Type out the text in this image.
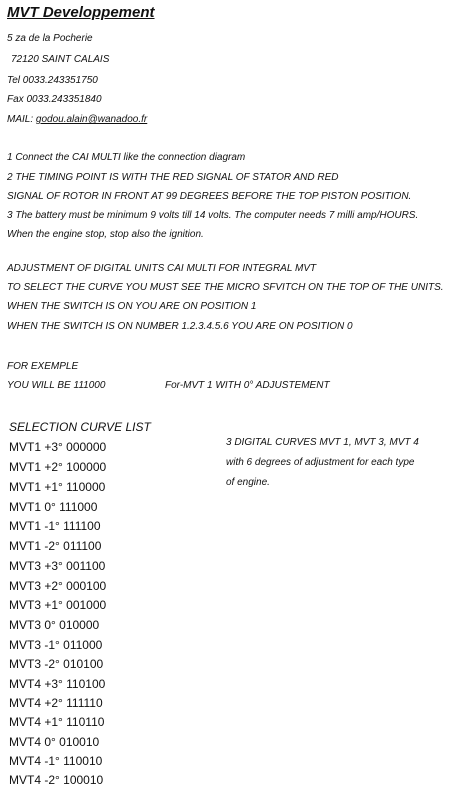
MVT Developpement
5 za de la Pocherie
72120 SAINT CALAIS
Tel 0033.243351750
Fax 0033.243351840
MAIL: godou.alain@wanadoo.fr
1 Connect the CAI MULTI like the connection diagram
2 THE TIMING POINT IS WITH THE RED SIGNAL OF STATOR AND RED
SIGNAL OF ROTOR IN FRONT AT 99 DEGREES BEFORE THE TOP PISTON POSITION.
3 The battery must be minimum 9 volts till 14 volts. The computer needs 7 milli amp/HOURS.
When the engine stop, stop also the ignition.
ADJUSTMENT OF DIGITAL UNITS CAI MULTI FOR INTEGRAL MVT
TO SELECT THE CURVE YOU MUST SEE THE MICRO SFVITCH ON THE TOP OF THE UNITS.
WHEN THE SWITCH IS ON YOU ARE ON POSITION 1
WHEN THE SWITCH IS ON NUMBER 1.2.3.4.5.6 YOU ARE ON POSITION 0
FOR EXEMPLE
YOU WILL BE 111000	For-MVT 1 WITH 0° ADJUSTEMENT
SELECTION CURVE LIST
MVT1 +3° 000000
MVT1 +2° 100000
MVT1 +1° 110000
MVT1 0° 111000
MVT1 -1° 111100
MVT1 -2° 011100
MVT3 +3° 001100
MVT3 +2° 000100
MVT3 +1° 001000
MVT3 0° 010000
MVT3 -1° 011000
MVT3 -2° 010100
MVT4 +3° 110100
MVT4 +2° 111110
MVT4 +1° 110110
MVT4 0° 010010
MVT4 -1° 110010
MVT4 -2° 100010
3 DIGITAL CURVES MVT 1, MVT 3, MVT 4
with 6 degrees of adjustment for each type
of engine.
